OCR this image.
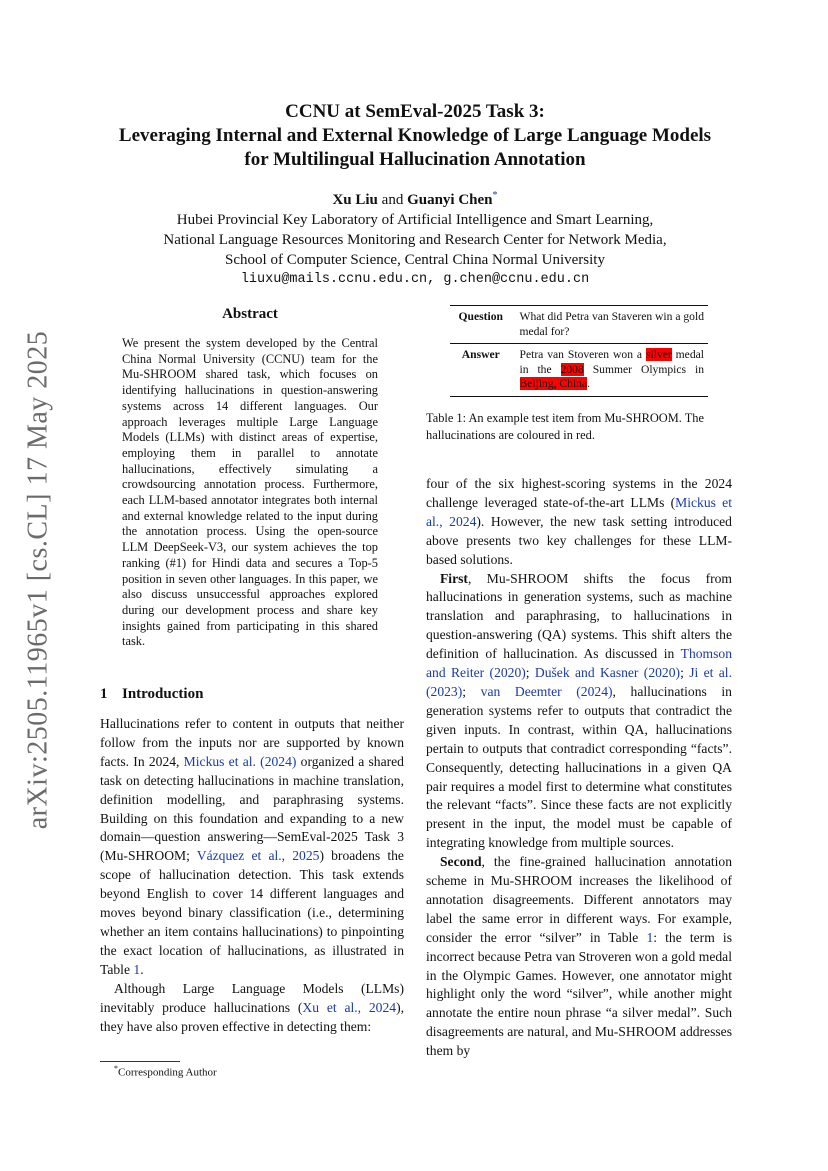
arXiv:2505.11965v1 [cs.CL] 17 May 2025
CCNU at SemEval-2025 Task 3:
Leveraging Internal and External Knowledge of Large Language Models
for Multilingual Hallucination Annotation
Xu Liu and Guanyi Chen*
Hubei Provincial Key Laboratory of Artificial Intelligence and Smart Learning,
National Language Resources Monitoring and Research Center for Network Media,
School of Computer Science, Central China Normal University
liuxu@mails.ccnu.edu.cn, g.chen@ccnu.edu.cn
Abstract
We present the system developed by the Central China Normal University (CCNU) team for the Mu-SHROOM shared task, which focuses on identifying hallucinations in question-answering systems across 14 different languages. Our approach leverages multiple Large Language Models (LLMs) with distinct areas of expertise, employing them in parallel to annotate hallucinations, effectively simulating a crowdsourcing annotation process. Furthermore, each LLM-based annotator integrates both internal and external knowledge related to the input during the annotation process. Using the open-source LLM DeepSeek-V3, our system achieves the top ranking (#1) for Hindi data and secures a Top-5 position in seven other languages. In this paper, we also discuss unsuccessful approaches explored during our development process and share key insights gained from participating in this shared task.
1 Introduction

Hallucinations refer to content in outputs that neither follow from the inputs nor are supported by known facts. In 2024, Mickus et al. (2024) organized a shared task on detecting hallucinations in machine translation, definition modelling, and paraphrasing systems. Building on this foundation and expanding to a new domain—question answering—SemEval-2025 Task 3 (Mu-SHROOM; Vázquez et al., 2025) broadens the scope of hallucination detection. This task extends beyond English to cover 14 different languages and moves beyond binary classification (i.e., determining whether an item contains hallucinations) to pinpointing the exact location of hallucinations, as illustrated in Table 1.

Although Large Language Models (LLMs) inevitably produce hallucinations (Xu et al., 2024), they have also proven effective in detecting them:

*Corresponding Author
Question	What did Petra van Staveren win a gold medal for?
Answer	Petra van Stoveren won a silver medal in the 2008 Summer Olympics in Beijing, China.
Table 1: An example test item from Mu-SHROOM. The hallucinations are coloured in red.

four of the six highest-scoring systems in the 2024 challenge leveraged state-of-the-art LLMs (Mickus et al., 2024). However, the new task setting introduced above presents two key challenges for these LLM-based solutions.

First, Mu-SHROOM shifts the focus from hallucinations in generation systems, such as machine translation and paraphrasing, to hallucinations in question-answering (QA) systems. This shift alters the definition of hallucination. As discussed in Thomson and Reiter (2020); Dušek and Kasner (2020); Ji et al. (2023); van Deemter (2024), hallucinations in generation systems refer to outputs that contradict the given inputs. In contrast, within QA, hallucinations pertain to outputs that contradict corresponding “facts”. Consequently, detecting hallucinations in a given QA pair requires a model first to determine what constitutes the relevant “facts”. Since these facts are not explicitly present in the input, the model must be capable of integrating knowledge from multiple sources.

Second, the fine-grained hallucination annotation scheme in Mu-SHROOM increases the likelihood of annotation disagreements. Different annotators may label the same error in different ways. For example, consider the error “silver” in Table 1: the term is incorrect because Petra van Stroveren won a gold medal in the Olympic Games. However, one annotator might highlight only the word “silver”, while another might annotate the entire noun phrase “a silver medal”. Such disagreements are natural, and Mu-SHROOM addresses them by
